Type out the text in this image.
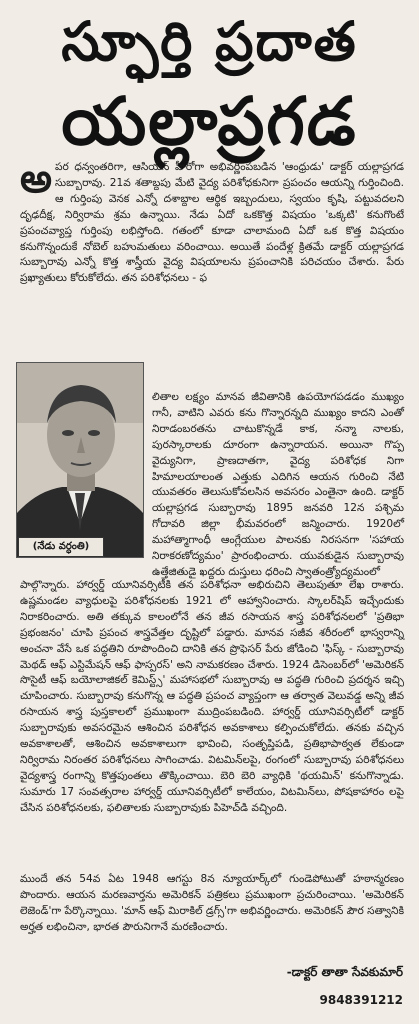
స్ఫూర్తి ప్రదాత
యల్లాప్రగడ

అపర ధన్వంతరిగా, ఆసియన్ హీరోగా అభివర్ణింపబడిన 'ఆంధ్రుడు' డాక్టర్ యల్లాప్రగడ సుబ్బారావు. 21వ శతాబ్దపు మేటి వైద్య పరిశోధకునిగా ప్రపంచం ఆయన్ని గుర్తించింది. ఆ గుర్తింపు వెనక ఎన్నో దశాబ్దాల ఆర్థిక ఇబ్బందులు, స్వయం కృషి, పట్టువదలని దృఢదీక్ష, నిర్విరామ శ్రమ ఉన్నాయి. నేడు ఏదో ఒకకొత్త విషయం 'ఒక్కటి' కనుగొంటే ప్రపంచవ్యాప్త గుర్తింపు లభిస్తోంది. గతంలో కూడా చాలామంది ఏదో ఒక కొత్త విషయం కనుగొన్నందుకే నోబెల్ బహుమతులు వరించాయి. అయితే పందేళ్ల క్రితమే డాక్టర్ యల్లాప్రగడ సుబ్బారావు ఎన్నో కొత్త శాస్త్రీయ వైద్య విషయాలను ప్రపంచానికి పరిచయం చేశారు. పేరు ప్రఖ్యాతులు కోరుకోలేదు. తన పరిశోధనలు - ఫ

(నేడు వర్ధంతి)

లితాల లక్ష్యం మానవ జీవితానికి ఉపయోగపడడం ముఖ్యం గానీ, వాటిని ఎవరు కను గొన్నారన్నది ముఖ్యం కాదని ఎంతో నిరాడంబరతను చాటుకొన్నడే కాక, నన్మా నాలకు, పురస్కారాలకు దూరంగా ఉన్నారాయన. అయినా గొప్ప వైద్యునిగా, ప్రాణదాతగా, వైద్య పరిశోధక నిగా హిమాలయాలంత ఎత్తుకు ఎదిగిన ఆయన గురించి నేటి యువతరం తెలుసుకోవలసిన అవసరం ఎంతైనా ఉంది. డాక్టర్ యల్లాప్రగడ సుబ్బారావు 1895 జనవరి 12న పశ్చిమ గోదావరి జిల్లా భీమవరంలో జన్మించారు. 1920లో మహాత్మాగాంధీ ఆంగ్లేయుల పాలనకు నిరసనగా 'సహాయ నిరాకరణోద్యమం' ప్రారంభించారు. యువకుడైన సుబ్బారావు ఉత్తేజితుడై ఖద్దరు దుస్తులు ధరించి స్వాతంత్ర్యోద్యమంలో

పాల్గొన్నారు. హార్వర్డ్ యూనివర్సిటీకి తన పరిశోధనా అభిరుచిని తెలుపుతూ లేఖ రాశారు. ఉష్ణమండల వ్యాధులపై పరిశోధనలకు 1921 లో ఆహ్వానించారు. స్కాలర్‌షిప్ ఇచ్చేందుకు నిరాకరించారు. అతి తక్కువ కాలంలోనే తన జీవ రసాయన శాస్త్ర పరిశోధనలలో 'ప్రతిభా ప్రభంజనం' చూపి ప్రపంచ శాస్త్రవేత్తల దృష్టిలో పడ్డారు. మానవ సజీవ శరీరంలో భాస్వరాన్ని అంచనా వేసే ఒక పద్ధతిని రూపొందించి దానికి తన ప్రొఫెసర్ పేరు జోడించి 'ఫిస్క్ - సుబ్బారావు మెథడ్ ఆఫ్ ఎస్టిమేషన్ ఆఫ్ ఫాస్పరస్' అని నామకరణం చేశారు. 1924 డిసెంబర్‌లో 'అమెరికన్ సొసైటీ ఆఫ్ బయోలాజికల్ కెమిస్ట్స్' మహాసభలో సుబ్బారావు ఆ పద్ధతి గురించి ప్రదర్శన ఇచ్చి చూపించారు. సుబ్బారావు కనుగొన్న ఆ పద్ధతి ప్రపంచ వ్యాప్తంగా ఆ తర్వాత వెలువడ్డ అన్ని జీవ రసాయన శాస్త్ర పుస్తకాలలో ప్రముఖంగా ముద్రింపబడింది. హార్వర్డ్ యూనివర్సిటీలో డాక్టర్ సుబ్బారావుకు అవసరమైన ఆశించిన పరిశోధన అవకాశాలు కల్పించుకోలేదు. తనకు వచ్చిన అవకాశాలతో, ఆశించిన అవకాశాలుగా భావించి, సంతృప్తిపడి, ప్రతిభాపాఠ్వత లేకుండా నిర్విరామ నిరంతర పరిశోధనలు సాగించాడు. విటమిన్‌లపై, రంగంలో సుబ్బారావు పరిశోధనలు వైద్యశాస్త్ర రంగాన్ని కొత్తపుంతలు తొక్కించాయి. బెరి బెరి వ్యాధికి 'థయమిన్' కనుగొన్నాడు. సుమారు 17 సంవత్సరాల హార్వర్డ్ యూనివర్సిటీలో కాలేయం, విటమిన్‌లు, పోషకాహారం లపై చేసిన పరిశోధనలకు, ఫలితాలకు సుబ్బారావుకు పిహెచ్‌డి వచ్చింది.

ముందే తన 54వ ఏట 1948 ఆగస్టు 8న న్యూయార్క్‌లో గుండెపోటుతో హఠాన్మరణం పొందారు. ఆయన మరణవార్తను అమెరికన్ పత్రికలు ప్రముఖంగా ప్రచురించాయి. 'అమెరికన్ లెజెండ్'గా పేర్కొన్నాయి. 'మాన్ ఆఫ్ మిరాకిల్ డ్రగ్స్'గా అభివర్ణించారు. అమెరికన్ పౌర సత్వానికి అర్హత లభించినా, భారత పౌరునిగానే మరణించారు.

-డాక్టర్ తాతా సేవకుమార్
9848391212
